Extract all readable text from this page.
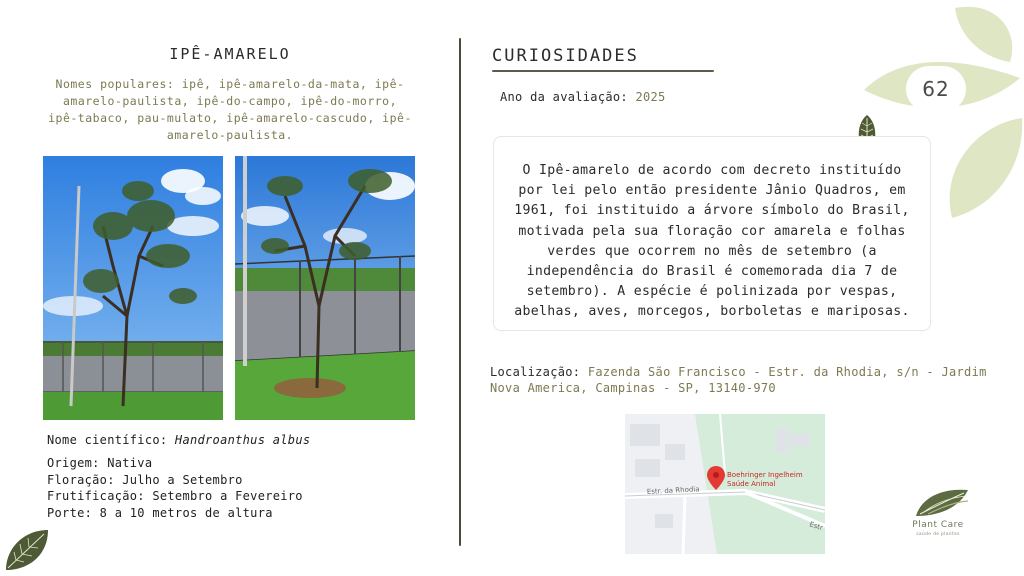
62
IPÊ-AMARELO
Nomes populares: ipê, ipê-amarelo-da-mata, ipê-amarelo-paulista, ipê-do-campo, ipê-do-morro, ipê-tabaco, pau-mulato, ipê-amarelo-cascudo, ipê-amarelo-paulista.
Nome científico: Handroanthus albus
Origem: Nativa
Floração: Julho a Setembro
Frutificação: Setembro a Fevereiro
Porte: 8 a 10 metros de altura
CURIOSIDADES
Ano da avaliação: 2025
O Ipê-amarelo de acordo com decreto instituído por lei pelo então presidente Jânio Quadros, em 1961, foi instituido a árvore símbolo do Brasil, motivada pela sua floração cor amarela e folhas verdes que ocorrem no mês de setembro (a independência do Brasil é comemorada dia 7 de setembro). A espécie é polinizada por vespas, abelhas, aves, morcegos, borboletas e mariposas.
Localização: Fazenda São Francisco - Estr. da Rhodia, s/n - Jardim Nova America, Campinas - SP, 13140-970
Estr. da Rhodia
Estr
Boehringer Ingelheim
Saúde Animal
Plant Care
saúde de plantas
